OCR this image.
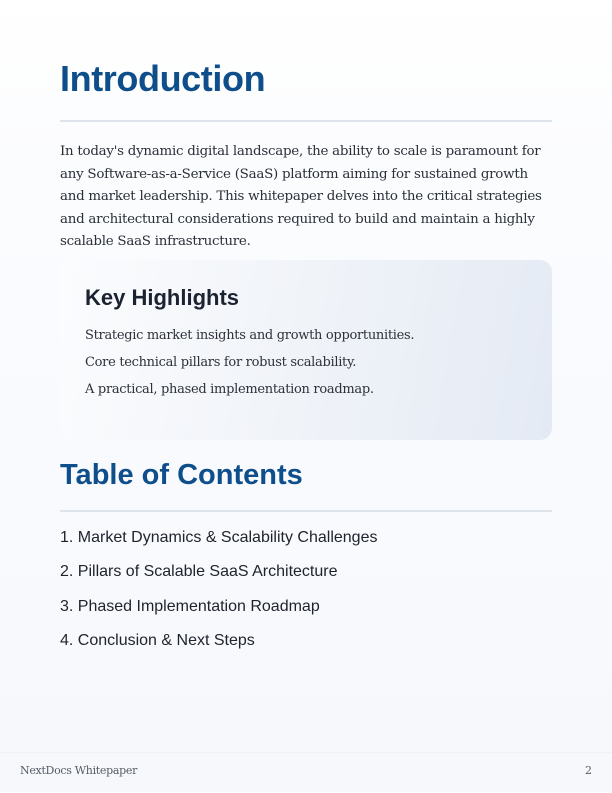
Introduction

In today's dynamic digital landscape, the ability to scale is paramount for any Software-as-a-Service (SaaS) platform aiming for sustained growth and market leadership. This whitepaper delves into the critical strategies and architectural considerations required to build and maintain a highly scalable SaaS infrastructure.

Key Highlights
Strategic market insights and growth opportunities.
Core technical pillars for robust scalability.
A practical, phased implementation roadmap.
Table of Contents
1. Market Dynamics & Scalability Challenges
2. Pillars of Scalable SaaS Architecture
3. Phased Implementation Roadmap
4. Conclusion & Next Steps
NextDocs Whitepaper	2
